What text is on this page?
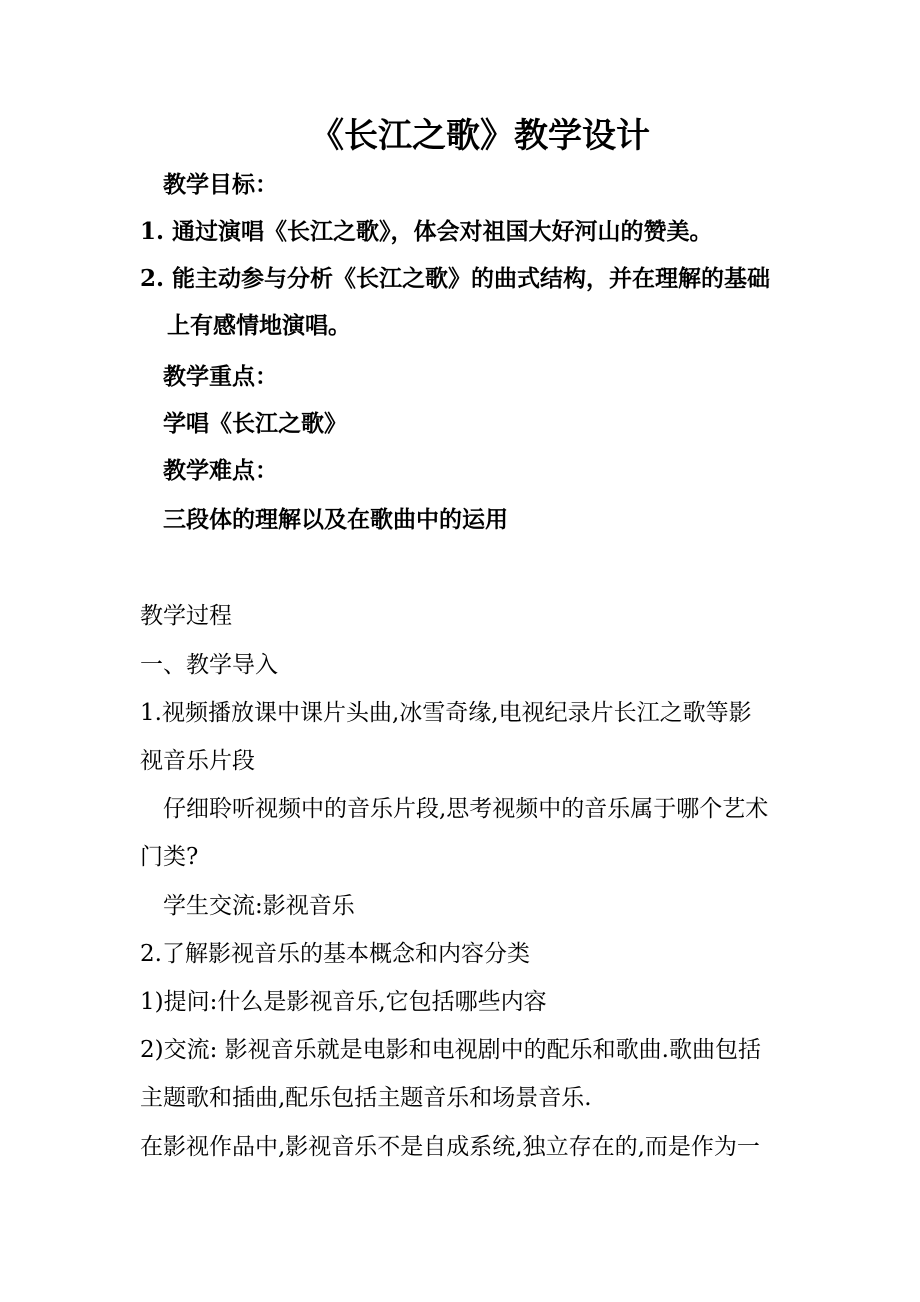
《长江之歌》教学设计

教学目标：

1. 通过演唱《长江之歌》，体会对祖国大好河山的赞美。

2. 能主动参与分析《长江之歌》的曲式结构，并在理解的基础

上有感情地演唱。

教学重点：

学唱《长江之歌》

教学难点：

三段体的理解以及在歌曲中的运用

教学过程

一、教学导入

1.视频播放课中课片头曲,冰雪奇缘,电视纪录片长江之歌等影

视音乐片段

仔细聆听视频中的音乐片段,思考视频中的音乐属于哪个艺术

门类?

学生交流:影视音乐

2.了解影视音乐的基本概念和内容分类

1)提问:什么是影视音乐,它包括哪些内容

2)交流: 影视音乐就是电影和电视剧中的配乐和歌曲.歌曲包括

主题歌和插曲,配乐包括主题音乐和场景音乐.

在影视作品中,影视音乐不是自成系统,独立存在的,而是作为一
